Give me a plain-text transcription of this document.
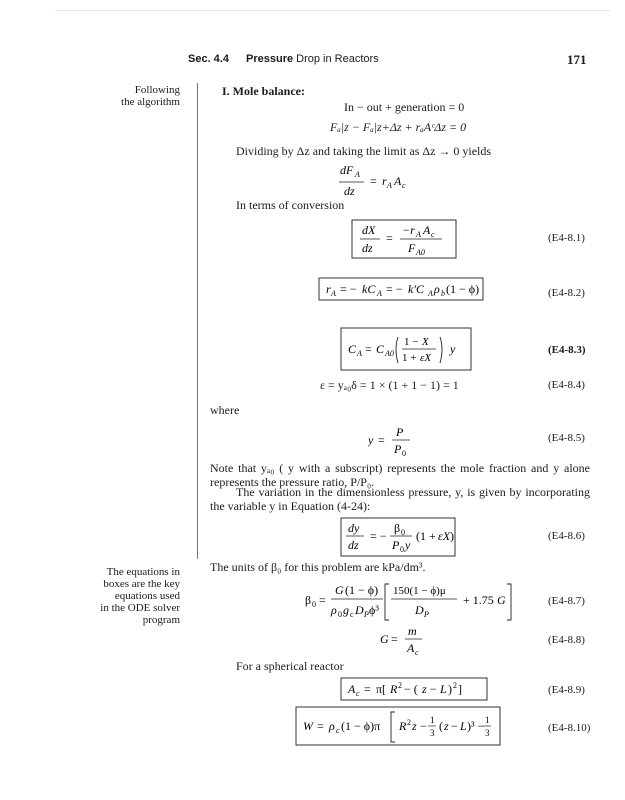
Sec. 4.4 Pressure Drop in Reactors	171
Following
the algorithm
The equations in
boxes are the key
equations used
in the ODE solver
program
I. Mole balance:
In − out + generation = 0
Fₐ|z − Fₐ|z+Δz + rₐAᶜΔz = 0
Dividing by Δz and taking the limit as Δz → 0 yields
dF A
dz
= r A A c
In terms of conversion
dX
dz
=
−r A A c
F A0
(E4-8.1)
r A = − kC A = − k′C A ρ b (1 − ϕ)	(E4-8.2)
C A = C A0
1 − X
1 + εX
y	(E4-8.3)
ε = yₐ₀δ = 1 × (1 + 1 − 1) = 1	(E4-8.4)
where
y =
P
P 0
(E4-8.5)
Note that yₐ₀ ( y with a subscript) represents the mole fraction and y alone represents the pressure ratio, P/P₀.
The variation in the dimensionless pressure, y, is given by incorporating the variable y in Equation (4-24):
dy
dz
= −
β 0
P 0 y
(1 + εX )	(E4-8.6)
The units of β₀ for this problem are kPa/dm³.
β 0 =
G (1 − ϕ)
ρ 0 g c D P ϕ³
150(1 − ϕ)μ
D P
+ 1.75 G	(E4-8.7)
G =
m
A c
(E4-8.8)
For a spherical reactor
A c = π[ R 2 − ( z − L ) 2 ]	(E4-8.9)
W = ρ c (1 − ϕ)π R 2 z − 1
3 ( z − L )³ − 1
3	(E4-8.10)
